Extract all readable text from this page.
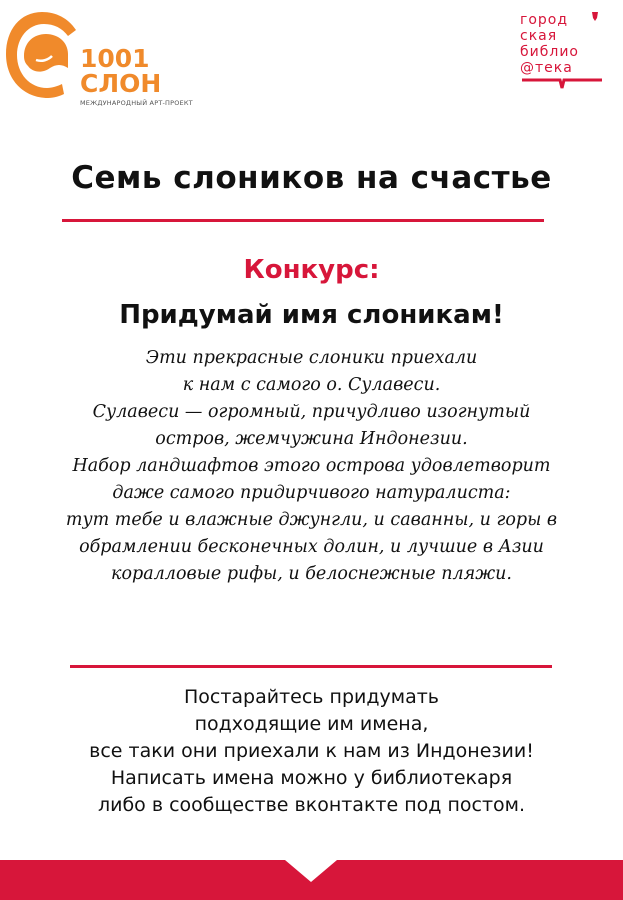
1001
СЛОН
МЕЖДУНАРОДНЫЙ АРТ-ПРОЕКТ
город
ская
библио
@тека
Семь слоников на счастье
Конкурс:
Придумай имя слоникам!
Эти прекрасные слоники приехали
к нам с самого о. Сулавеси.
Сулавеси — огромный, причудливо изогнутый
остров, жемчужина Индонезии.
Набор ландшафтов этого острова удовлетворит
даже самого придирчивого натуралиста:
тут тебе и влажные джунгли, и саванны, и горы в
обрамлении бесконечных долин, и лучшие в Азии
коралловые рифы, и белоснежные пляжи.
Постарайтесь придумать
подходящие им имена,
все таки они приехали к нам из Индонезии!
Написать имена можно у библиотекаря
либо в сообществе вконтакте под постом.
